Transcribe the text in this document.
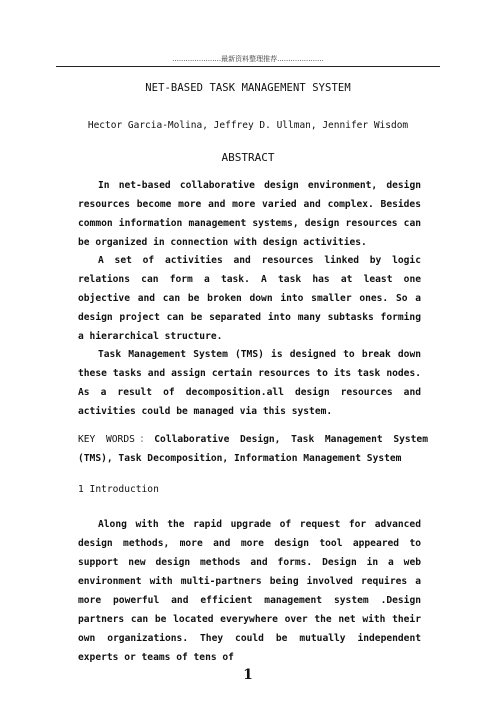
......................最新资料整理推荐.....................
NET-BASED TASK MANAGEMENT SYSTEM
Hector Garcia-Molina, Jeffrey D. Ullman, Jennifer Wisdom
ABSTRACT
In net-based collaborative design environment, design resources become more and more varied and complex. Besides common information management systems, design resources can be organized in connection with design activities.
A set of activities and resources linked by logic relations can form a task. A task has at least one objective and can be broken down into smaller ones. So a design project can be separated into many subtasks forming a hierarchical structure.
Task Management System (TMS) is designed to break down these tasks and assign certain resources to its task nodes. As a result of decomposition.all design resources and activities could be managed via this system.
KEY WORDS：Collaborative Design, Task Management System (TMS), Task Decomposition, Information Management System
1 Introduction
Along with the rapid upgrade of request for advanced design methods, more and more design tool appeared to support new design methods and forms. Design in a web environment with multi-partners being involved requires a more powerful and efficient management system .Design partners can be located everywhere over the net with their own organizations. They could be mutually independent experts or teams of tens of
1
